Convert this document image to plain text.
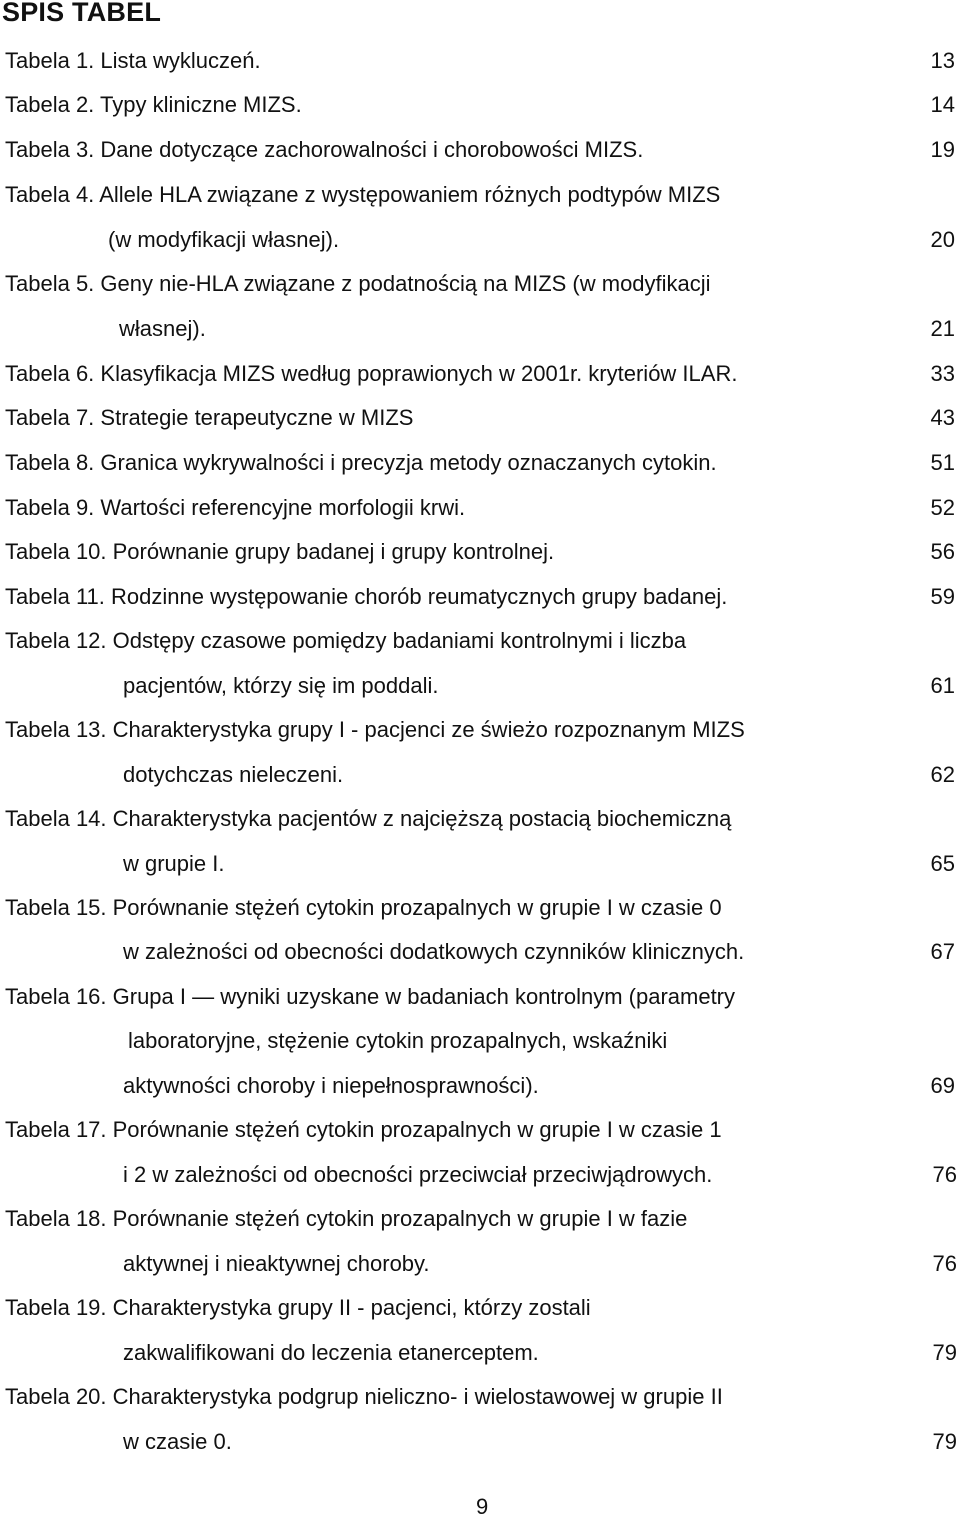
SPIS TABEL
Tabela 1. Lista wykluczeń.	13
Tabela 2. Typy kliniczne MIZS.	14
Tabela 3. Dane dotyczące zachorowalności i chorobowości MIZS.	19
Tabela 4. Allele HLA związane z występowaniem różnych podtypów MIZS
(w modyfikacji własnej).	20
Tabela 5. Geny nie-HLA związane z podatnością na MIZS (w modyfikacji
własnej).	21
Tabela 6. Klasyfikacja MIZS według poprawionych w 2001r. kryteriów ILAR.	33
Tabela 7. Strategie terapeutyczne w MIZS	43
Tabela 8. Granica wykrywalności i precyzja metody oznaczanych cytokin.	51
Tabela 9. Wartości referencyjne morfologii krwi.	52
Tabela 10. Porównanie grupy badanej i grupy kontrolnej.	56
Tabela 11. Rodzinne występowanie chorób reumatycznych grupy badanej.	59
Tabela 12. Odstępy czasowe pomiędzy badaniami kontrolnymi i liczba
pacjentów, którzy się im poddali.	61
Tabela 13. Charakterystyka grupy I - pacjenci ze świeżo rozpoznanym MIZS
dotychczas nieleczeni.	62
Tabela 14. Charakterystyka pacjentów z najcięższą postacią biochemiczną
w grupie I.	65
Tabela 15. Porównanie stężeń cytokin prozapalnych w grupie I w czasie 0
w zależności od obecności dodatkowych czynników klinicznych.	67
Tabela 16. Grupa I — wyniki uzyskane w badaniach kontrolnym (parametry
laboratoryjne, stężenie cytokin prozapalnych, wskaźniki
aktywności choroby i niepełnosprawności).	69
Tabela 17. Porównanie stężeń cytokin prozapalnych w grupie I w czasie 1
i 2 w zależności od obecności przeciwciał przeciwjądrowych.	76
Tabela 18. Porównanie stężeń cytokin prozapalnych w grupie I w fazie
aktywnej i nieaktywnej choroby.	76
Tabela 19. Charakterystyka grupy II - pacjenci, którzy zostali
zakwalifikowani do leczenia etanerceptem.	79
Tabela 20. Charakterystyka podgrup nieliczno- i wielostawowej w grupie II
w czasie 0.	79
9
